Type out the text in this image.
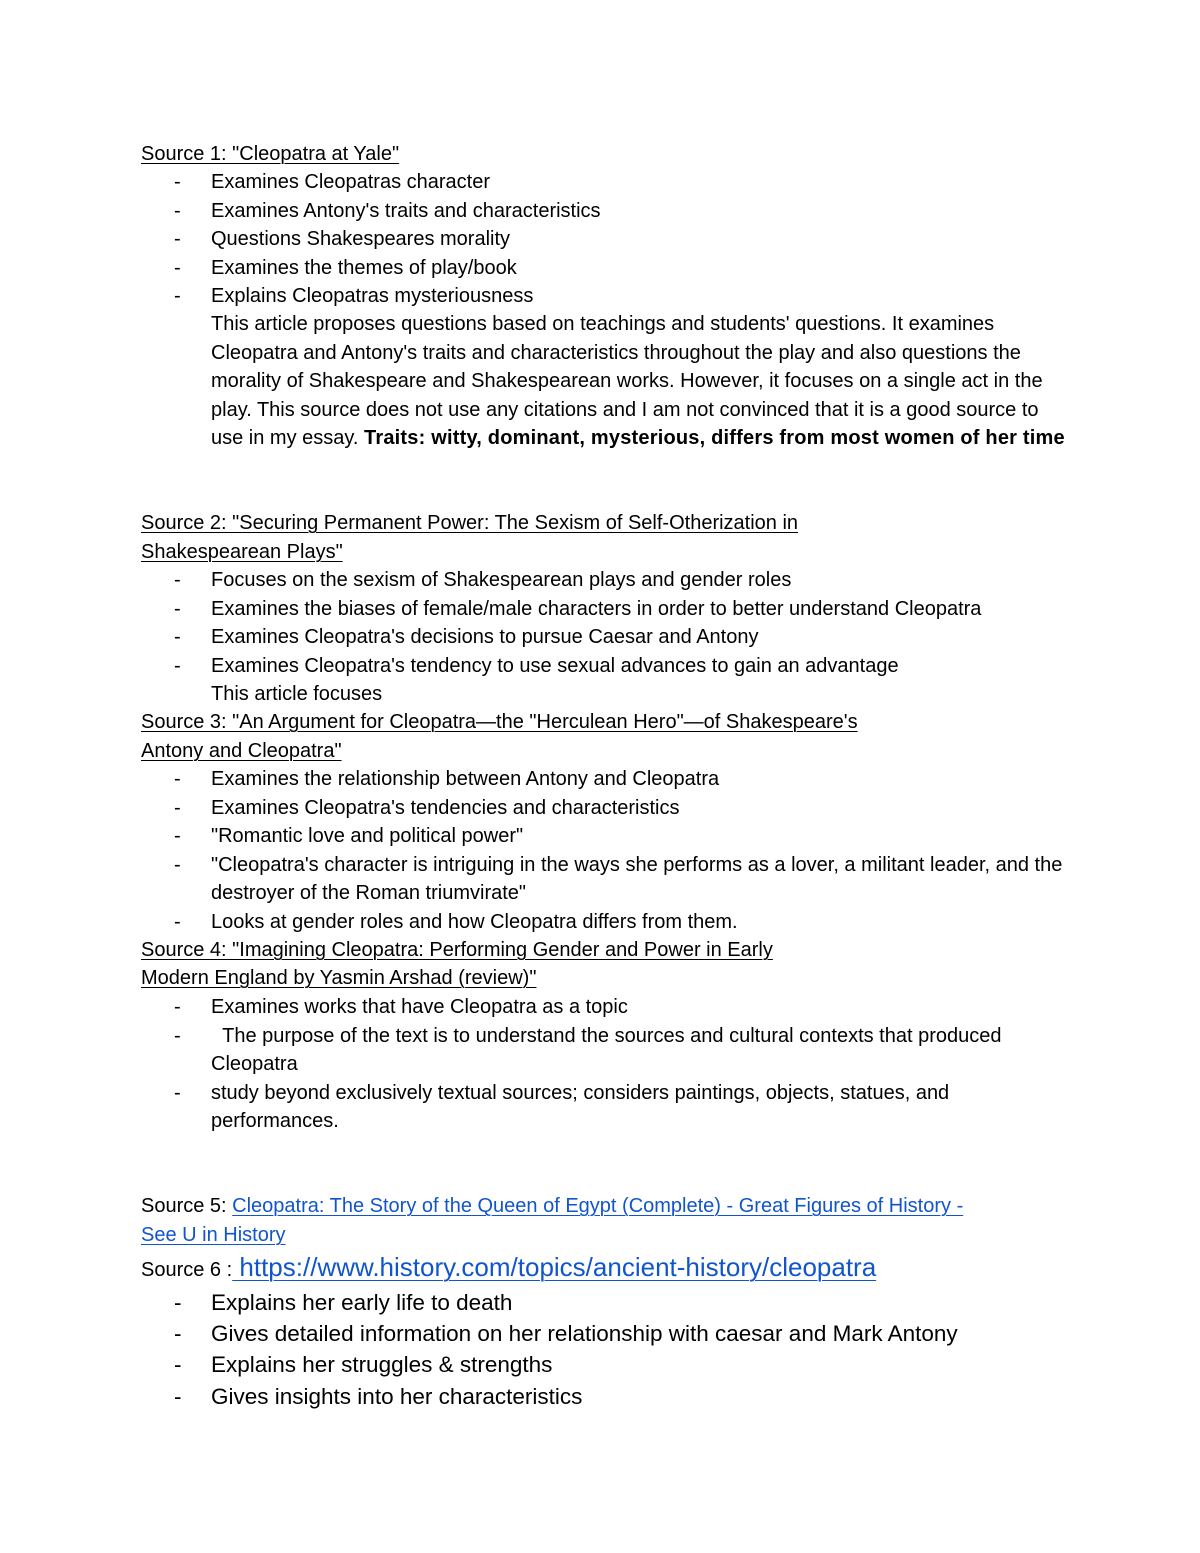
Source 1: "Cleopatra at Yale"
- Examines Cleopatras character
- Examines Antony's traits and characteristics
- Questions Shakespeares morality
- Examines the themes of play/book
- Explains Cleopatras mysteriousness
This article proposes questions based on teachings and students' questions. It examines Cleopatra and Antony's traits and characteristics throughout the play and also questions the morality of Shakespeare and Shakespearean works. However, it focuses on a single act in the play. This source does not use any citations and I am not convinced that it is a good source to use in my essay. Traits: witty, dominant, mysterious, differs from most women of her time
Source 2: "Securing Permanent Power: The Sexism of Self-Otherization in
Shakespearean Plays"
- Focuses on the sexism of Shakespearean plays and gender roles
- Examines the biases of female/male characters in order to better understand Cleopatra
- Examines Cleopatra's decisions to pursue Caesar and Antony
- Examines Cleopatra's tendency to use sexual advances to gain an advantage
This article focuses
Source 3: "An Argument for Cleopatra—the "Herculean Hero"—of Shakespeare's
Antony and Cleopatra"
- Examines the relationship between Antony and Cleopatra
- Examines Cleopatra's tendencies and characteristics
- "Romantic love and political power"
- "Cleopatra's character is intriguing in the ways she performs as a lover, a militant leader, and the destroyer of the Roman triumvirate"
- Looks at gender roles and how Cleopatra differs from them.
Source 4: "Imagining Cleopatra: Performing Gender and Power in Early
Modern England by Yasmin Arshad (review)"
- Examines works that have Cleopatra as a topic
- The purpose of the text is to understand the sources and cultural contexts that produced Cleopatra
- study beyond exclusively textual sources; considers paintings, objects, statues, and performances.
Source 5: Cleopatra: The Story of the Queen of Egypt (Complete) - Great Figures of History -
See U in History
Source 6 : https://www.history.com/topics/ancient-history/cleopatra
- Explains her early life to death
- Gives detailed information on her relationship with caesar and Mark Antony
- Explains her struggles & strengths
- Gives insights into her characteristics
